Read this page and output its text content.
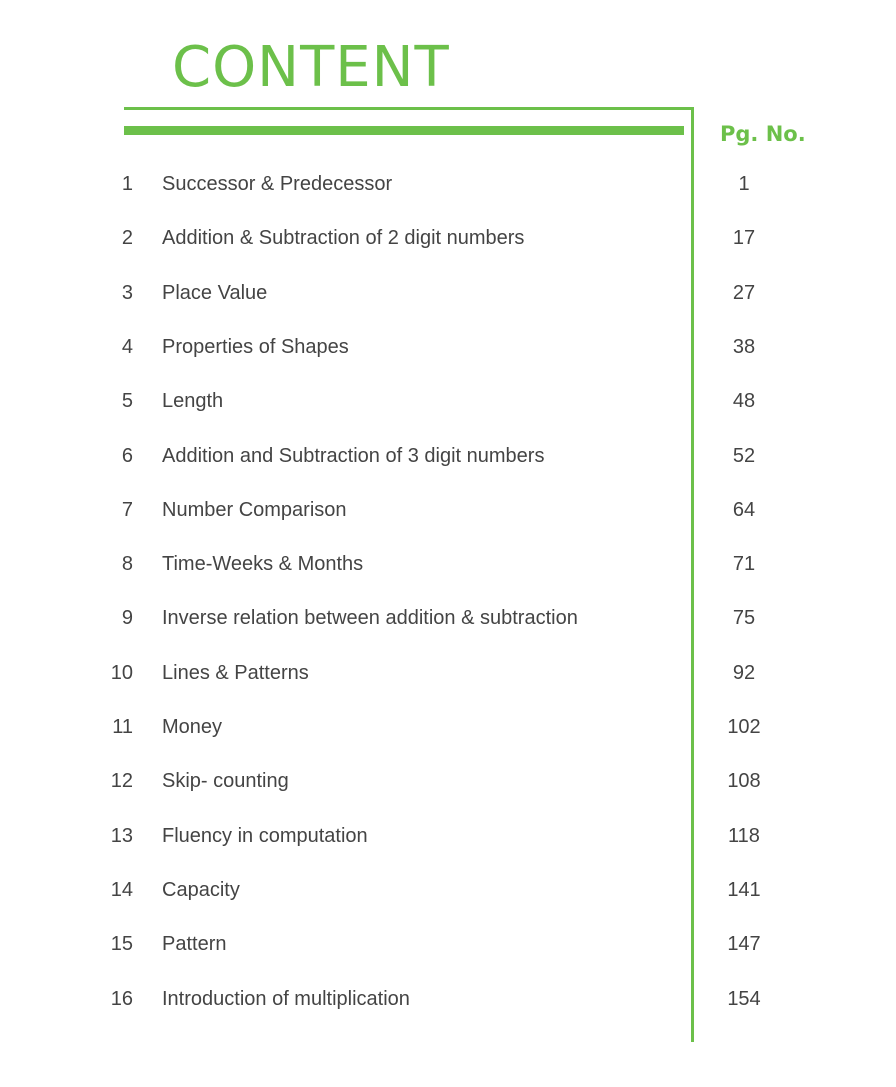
CONTENT
Pg. No.
1 Successor & Predecessor	1
2 Addition & Subtraction of 2 digit numbers	17
3 Place Value	27
4 Properties of Shapes	38
5 Length	48
6 Addition and Subtraction of 3 digit numbers	52
7 Number Comparison	64
8 Time-Weeks & Months	71
9 Inverse relation between addition & subtraction	75
10 Lines & Patterns	92
11 Money	102
12 Skip- counting	108
13 Fluency in computation	118
14 Capacity	141
15 Pattern	147
16 Introduction of multiplication	154
